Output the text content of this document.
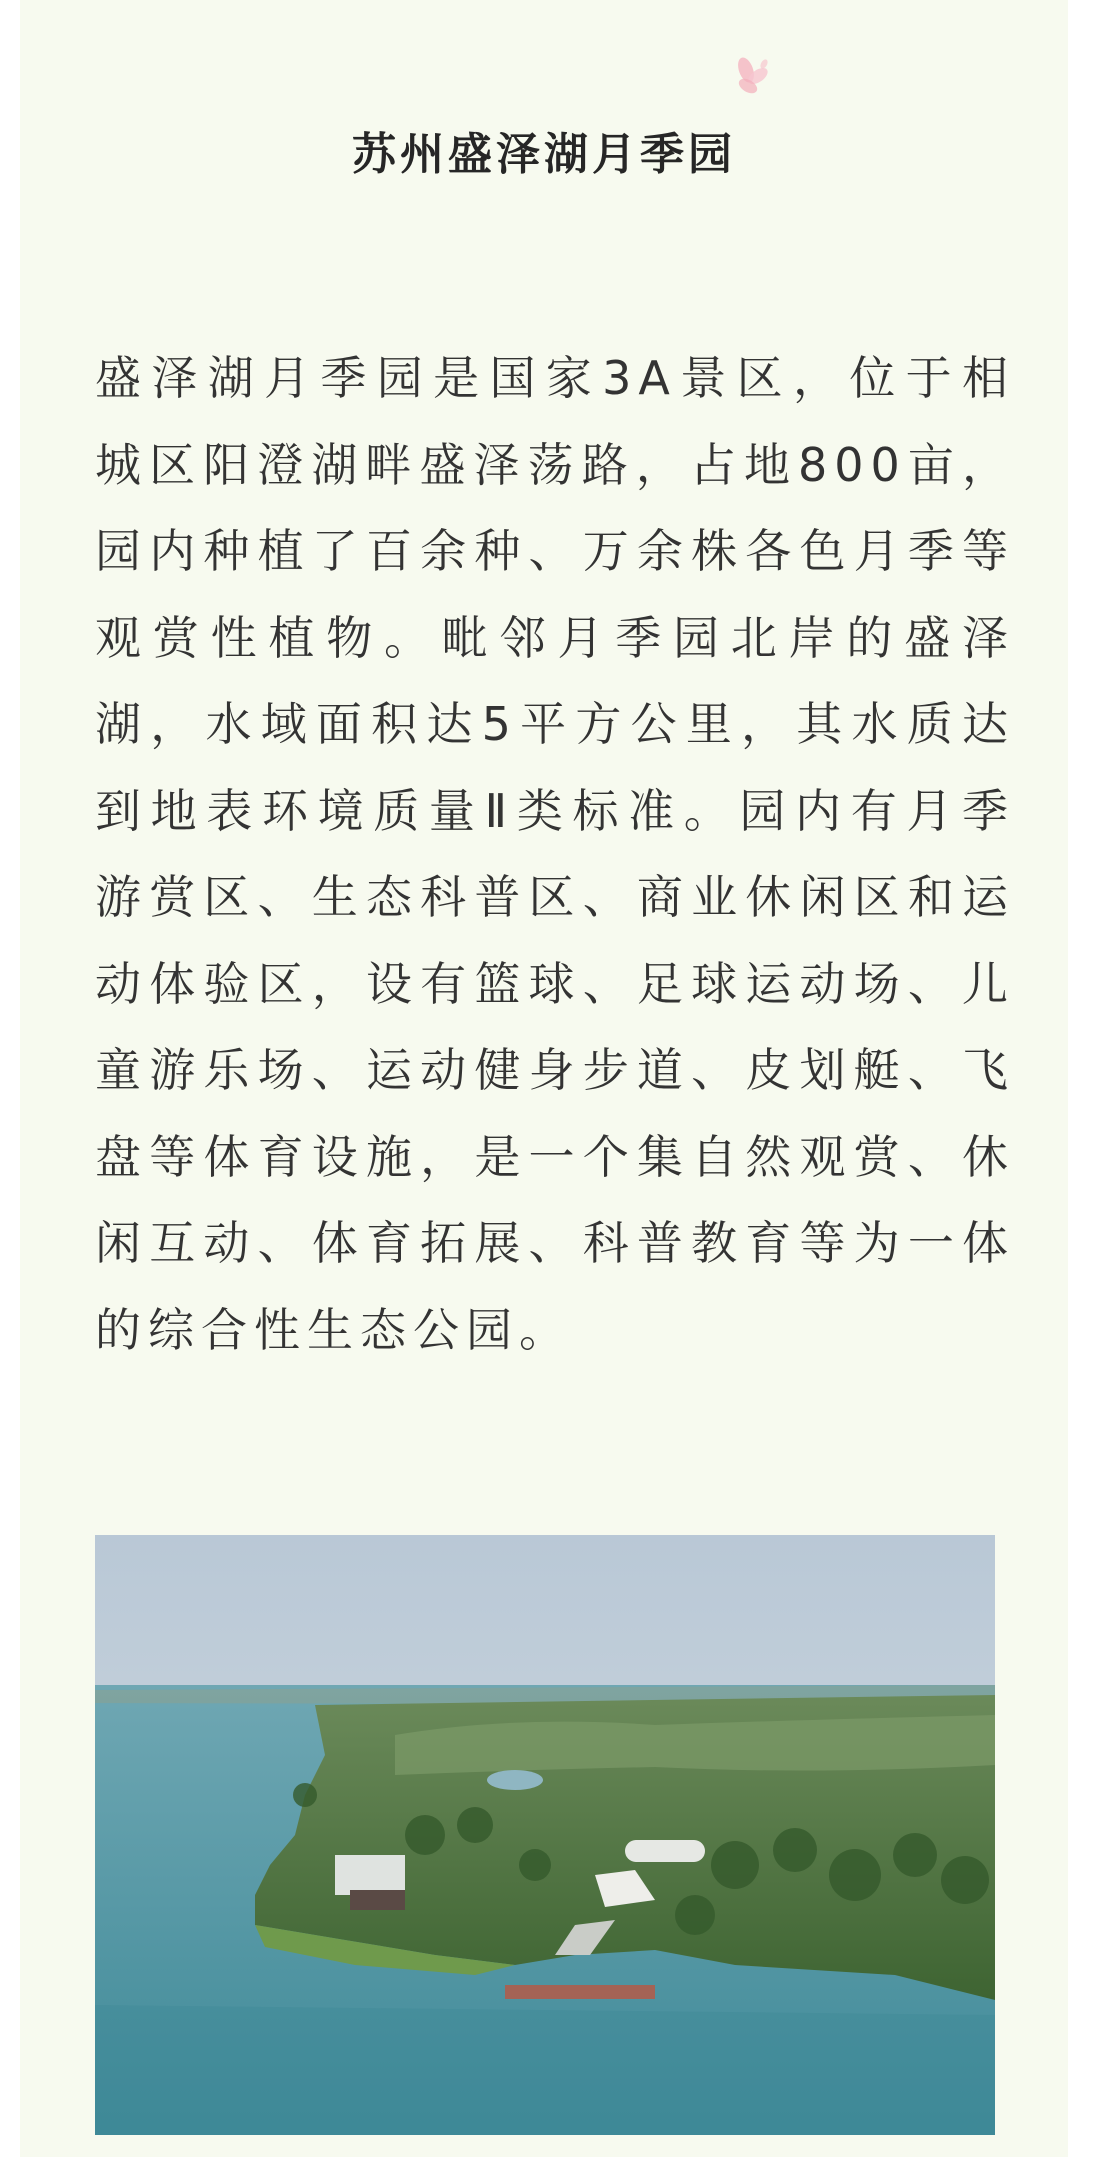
苏州盛泽湖月季园

盛泽湖月季园是国家3A景区，位于相城区阳澄湖畔盛泽荡路，占地800亩，园内种植了百余种、万余株各色月季等观赏性植物。毗邻月季园北岸的盛泽湖，水域面积达5平方公里，其水质达到地表环境质量Ⅱ类标准。园内有月季游赏区、生态科普区、商业休闲区和运动体验区，设有篮球、足球运动场、儿童游乐场、运动健身步道、皮划艇、飞盘等体育设施，是一个集自然观赏、休闲互动、体育拓展、科普教育等为一体的综合性生态公园。
